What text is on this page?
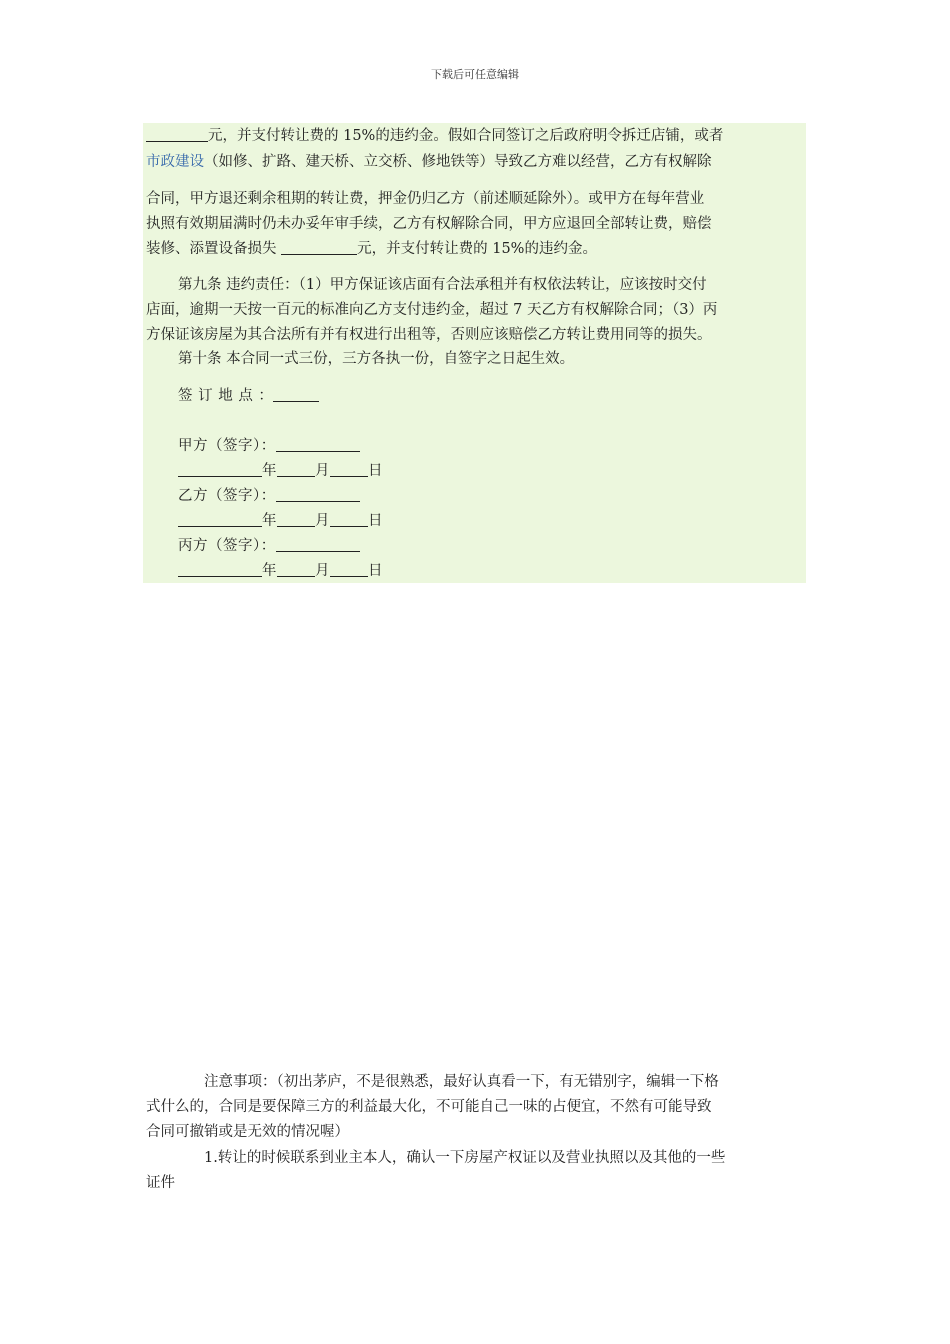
下载后可任意编辑
元，并支付转让费的 15%的违约金。假如合同签订之后政府明令拆迁店铺，或者
市政建设（如修、扩路、建天桥、立交桥、修地铁等）导致乙方难以经营，乙方有权解除
合同，甲方退还剩余租期的转让费，押金仍归乙方（前述顺延除外）。或甲方在每年营业
执照有效期届满时仍未办妥年审手续，乙方有权解除合同，甲方应退回全部转让费，赔偿
装修、添置设备损失	元，并支付转让费的 15%的违约金。
第九条 违约责任：（1）甲方保证该店面有合法承租并有权依法转让，应该按时交付
店面，逾期一天按一百元的标准向乙方支付违约金，超过 7 天乙方有权解除合同；（3）丙
方保证该房屋为其合法所有并有权进行出租等，否则应该赔偿乙方转让费用同等的损失。
第十条 本合同一式三份，三方各执一份，自签字之日起生效。
签 订 地 点 ：
甲方（签字）：
年	月	日
乙方（签字）：
年	月	日
丙方（签字）：
年	月	日
注意事项：（初出茅庐，不是很熟悉，最好认真看一下，有无错别字，编辑一下格
式什么的，合同是要保障三方的利益最大化，不可能自己一味的占便宜，不然有可能导致
合同可撤销或是无效的情况喔）
1.转让的时候联系到业主本人，确认一下房屋产权证以及营业执照以及其他的一些
证件
